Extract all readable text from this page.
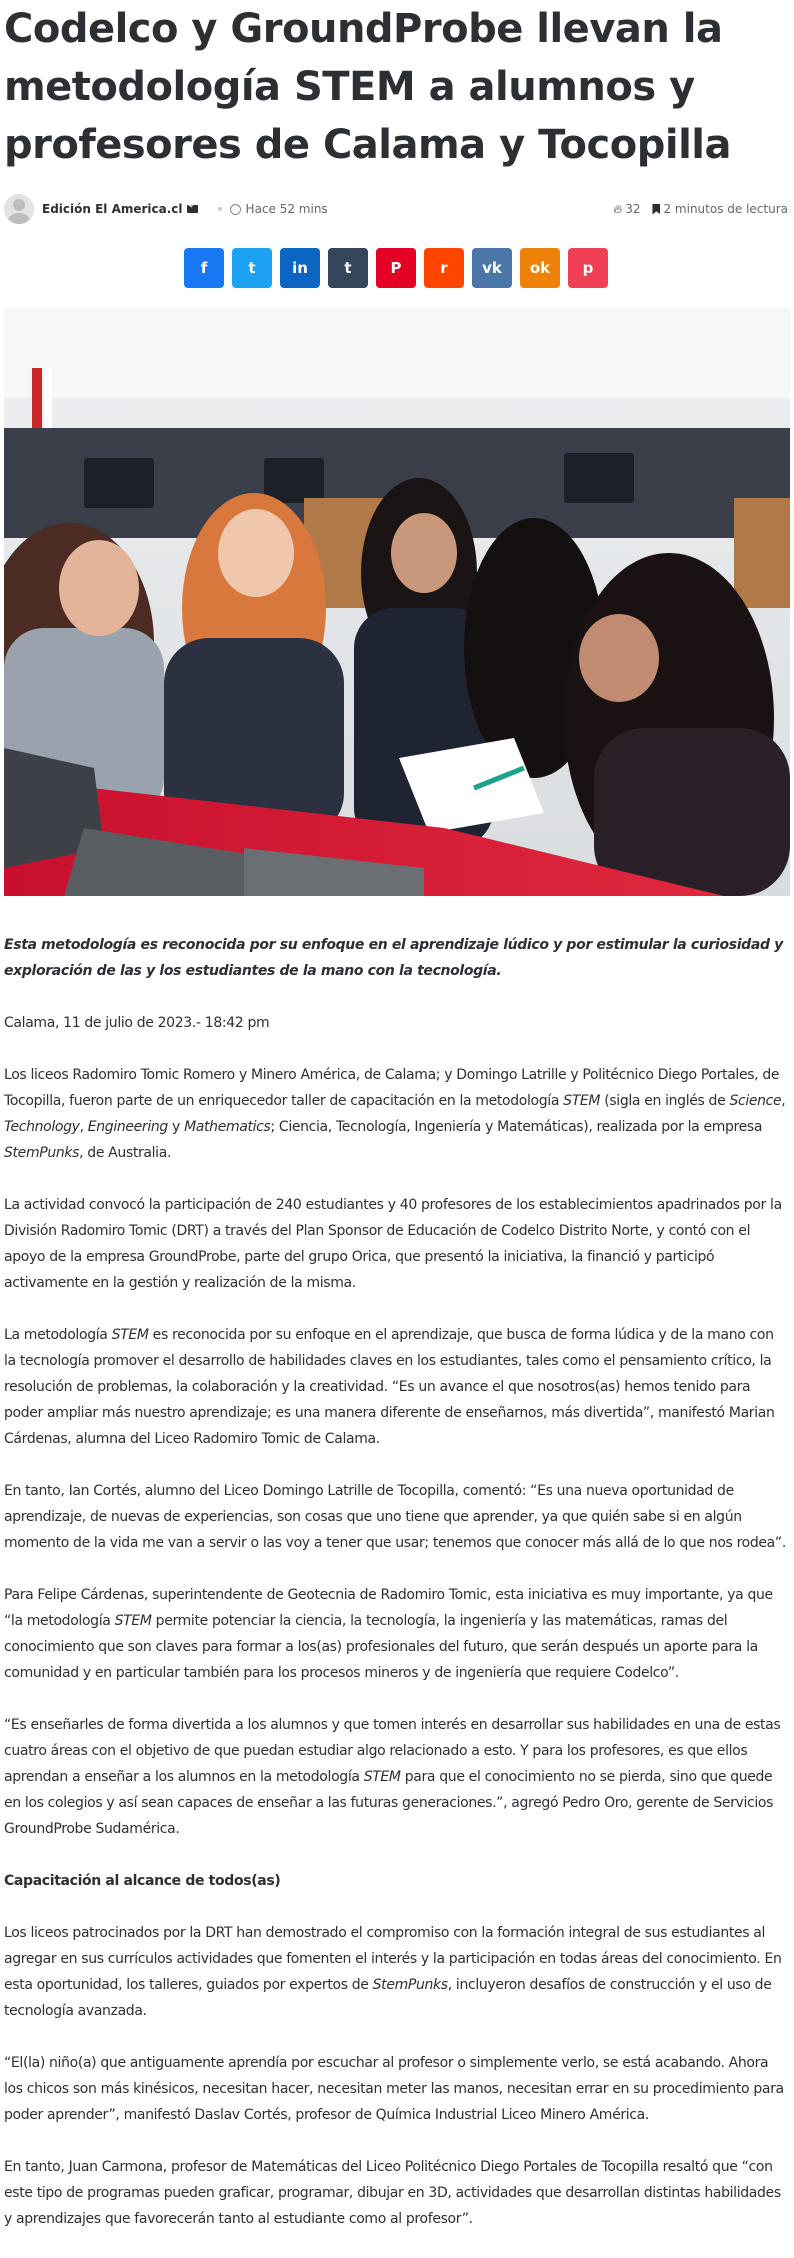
Codelco y GroundProbe llevan la metodología STEM a alumnos y profesores de Calama y Tocopilla
Edición El America.cl	Hace 52 mins	🔥︎ 32 2 minutos de lectura
f	t in t	P	r vk ok p

Esta metodología es reconocida por su enfoque en el aprendizaje lúdico y por estimular la curiosidad y exploración de las y los estudiantes de la mano con la tecnología.

Calama, 11 de julio de 2023.- 18:42 pm

Los liceos Radomiro Tomic Romero y Minero América, de Calama; y Domingo Latrille y Politécnico Diego Portales, de Tocopilla, fueron parte de un enriquecedor taller de capacitación en la metodología STEM (sigla en inglés de Science, Technology, Engineering y Mathematics; Ciencia, Tecnología, Ingeniería y Matemáticas), realizada por la empresa StemPunks, de Australia.

La actividad convocó la participación de 240 estudiantes y 40 profesores de los establecimientos apadrinados por la División Radomiro Tomic (DRT) a través del Plan Sponsor de Educación de Codelco Distrito Norte, y contó con el apoyo de la empresa GroundProbe, parte del grupo Orica, que presentó la iniciativa, la financió y participó activamente en la gestión y realización de la misma.

La metodología STEM es reconocida por su enfoque en el aprendizaje, que busca de forma lúdica y de la mano con la tecnología promover el desarrollo de habilidades claves en los estudiantes, tales como el pensamiento crítico, la resolución de problemas, la colaboración y la creatividad. “Es un avance el que nosotros(as) hemos tenido para poder ampliar más nuestro aprendizaje; es una manera diferente de enseñarnos, más divertida”, manifestó Marian Cárdenas, alumna del Liceo Radomiro Tomic de Calama.

En tanto, Ian Cortés, alumno del Liceo Domingo Latrille de Tocopilla, comentó: “Es una nueva oportunidad de aprendizaje, de nuevas de experiencias, son cosas que uno tiene que aprender, ya que quién sabe si en algún momento de la vida me van a servir o las voy a tener que usar; tenemos que conocer más allá de lo que nos rodea”.

Para Felipe Cárdenas, superintendente de Geotecnia de Radomiro Tomic, esta iniciativa es muy importante, ya que “la metodología STEM permite potenciar la ciencia, la tecnología, la ingeniería y las matemáticas, ramas del conocimiento que son claves para formar a los(as) profesionales del futuro, que serán después un aporte para la comunidad y en particular también para los procesos mineros y de ingeniería que requiere Codelco”.

“Es enseñarles de forma divertida a los alumnos y que tomen interés en desarrollar sus habilidades en una de estas cuatro áreas con el objetivo de que puedan estudiar algo relacionado a esto. Y para los profesores, es que ellos aprendan a enseñar a los alumnos en la metodología STEM para que el conocimiento no se pierda, sino que quede en los colegios y así sean capaces de enseñar a las futuras generaciones.”, agregó Pedro Oro, gerente de Servicios GroundProbe Sudamérica.

Capacitación al alcance de todos(as)

Los liceos patrocinados por la DRT han demostrado el compromiso con la formación integral de sus estudiantes al agregar en sus currículos actividades que fomenten el interés y la participación en todas áreas del conocimiento. En esta oportunidad, los talleres, guiados por expertos de StemPunks, incluyeron desafíos de construcción y el uso de tecnología avanzada.

“El(la) niño(a) que antiguamente aprendía por escuchar al profesor o simplemente verlo, se está acabando. Ahora los chicos son más kinésicos, necesitan hacer, necesitan meter las manos, necesitan errar en su procedimiento para poder aprender”, manifestó Daslav Cortés, profesor de Química Industrial Liceo Minero América.

En tanto, Juan Carmona, profesor de Matemáticas del Liceo Politécnico Diego Portales de Tocopilla resaltó que “con este tipo de programas pueden graficar, programar, dibujar en 3D, actividades que desarrollan distintas habilidades y aprendizajes que favorecerán tanto al estudiante como al profesor”.
